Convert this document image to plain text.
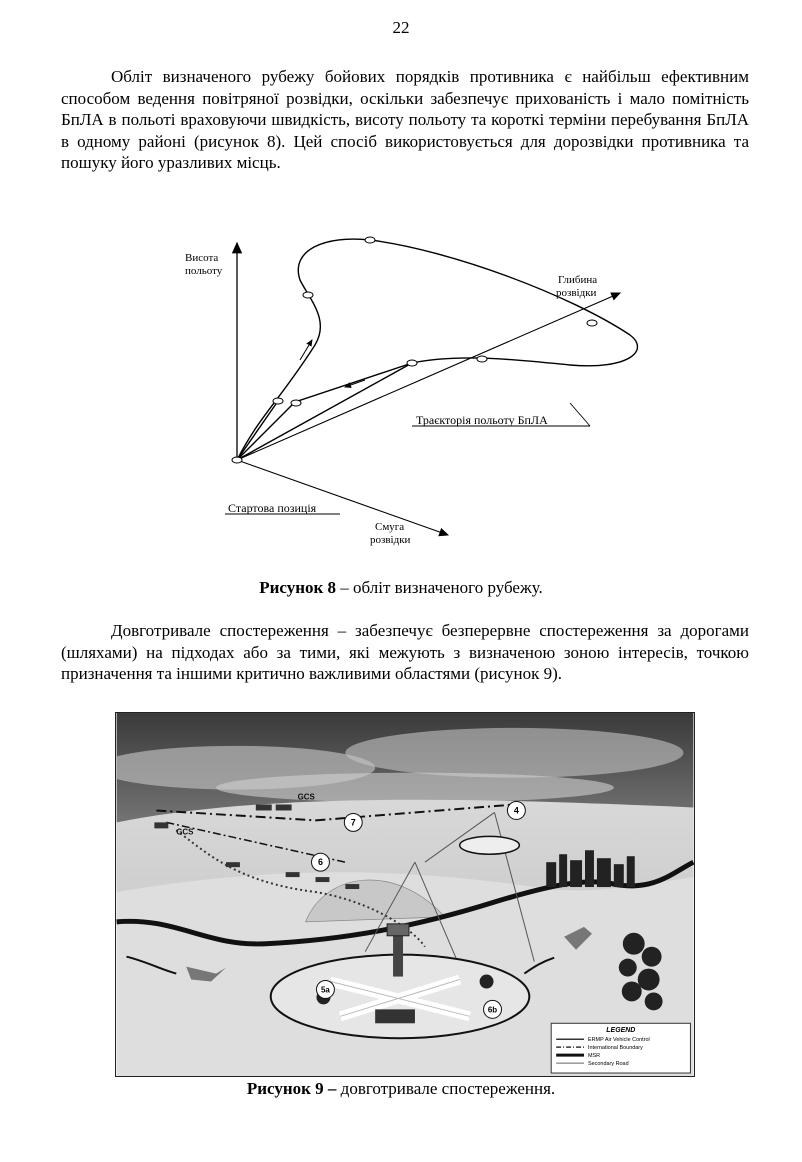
22

Обліт визначеного рубежу бойових порядків противника є найбільш ефективним способом ведення повітряної розвідки, оскільки забезпечує прихованість і мало помітність БпЛА в польоті враховуючи швидкість, висоту польоту та короткі терміни перебування БпЛА в одному районі (рисунок 8). Цей спосіб використовується для дорозвідки противника та пошуку його уразливих місць.

Висота
польоту
Глибина
розвідки
Траєкторія польоту БпЛА
Стартова позиція
Смуга
розвідки
Рисунок 8 – обліт визначеного рубежу.

Довготривале спостереження – забезпечує безперервне спостереження за дорогами (шляхами) на підходах або за тими, які межують з визначеною зоною інтересів, точкою призначення та іншими критично важливими областями (рисунок 9).

7
6
4
5a
6b
GCS
GCS
LEGEND
ERMP Air Vehicle Control
International Boundary
MSR
Secondary Road
Рисунок 9 – довготривале спостереження.
